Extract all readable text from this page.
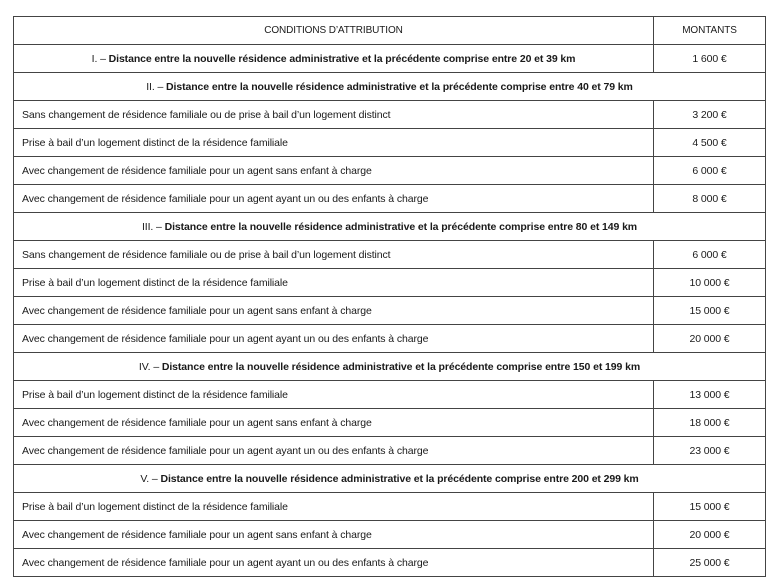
CONDITIONS D’ATTRIBUTION	MONTANTS
I. – Distance entre la nouvelle résidence administrative et la précédente comprise entre 20 et 39 km	1 600 €
II. – Distance entre la nouvelle résidence administrative et la précédente comprise entre 40 et 79 km	
Sans changement de résidence familiale ou de prise à bail d’un logement distinct	3 200 €
Prise à bail d’un logement distinct de la résidence familiale	4 500 €
Avec changement de résidence familiale pour un agent sans enfant à charge	6 000 €
Avec changement de résidence familiale pour un agent ayant un ou des enfants à charge	8 000 €
III. – Distance entre la nouvelle résidence administrative et la précédente comprise entre 80 et 149 km	
Sans changement de résidence familiale ou de prise à bail d’un logement distinct	6 000 €
Prise à bail d’un logement distinct de la résidence familiale	10 000 €
Avec changement de résidence familiale pour un agent sans enfant à charge	15 000 €
Avec changement de résidence familiale pour un agent ayant un ou des enfants à charge	20 000 €
IV. – Distance entre la nouvelle résidence administrative et la précédente comprise entre 150 et 199 km	
Prise à bail d’un logement distinct de la résidence familiale	13 000 €
Avec changement de résidence familiale pour un agent sans enfant à charge	18 000 €
Avec changement de résidence familiale pour un agent ayant un ou des enfants à charge	23 000 €
V. – Distance entre la nouvelle résidence administrative et la précédente comprise entre 200 et 299 km	
Prise à bail d’un logement distinct de la résidence familiale	15 000 €
Avec changement de résidence familiale pour un agent sans enfant à charge	20 000 €
Avec changement de résidence familiale pour un agent ayant un ou des enfants à charge	25 000 €
